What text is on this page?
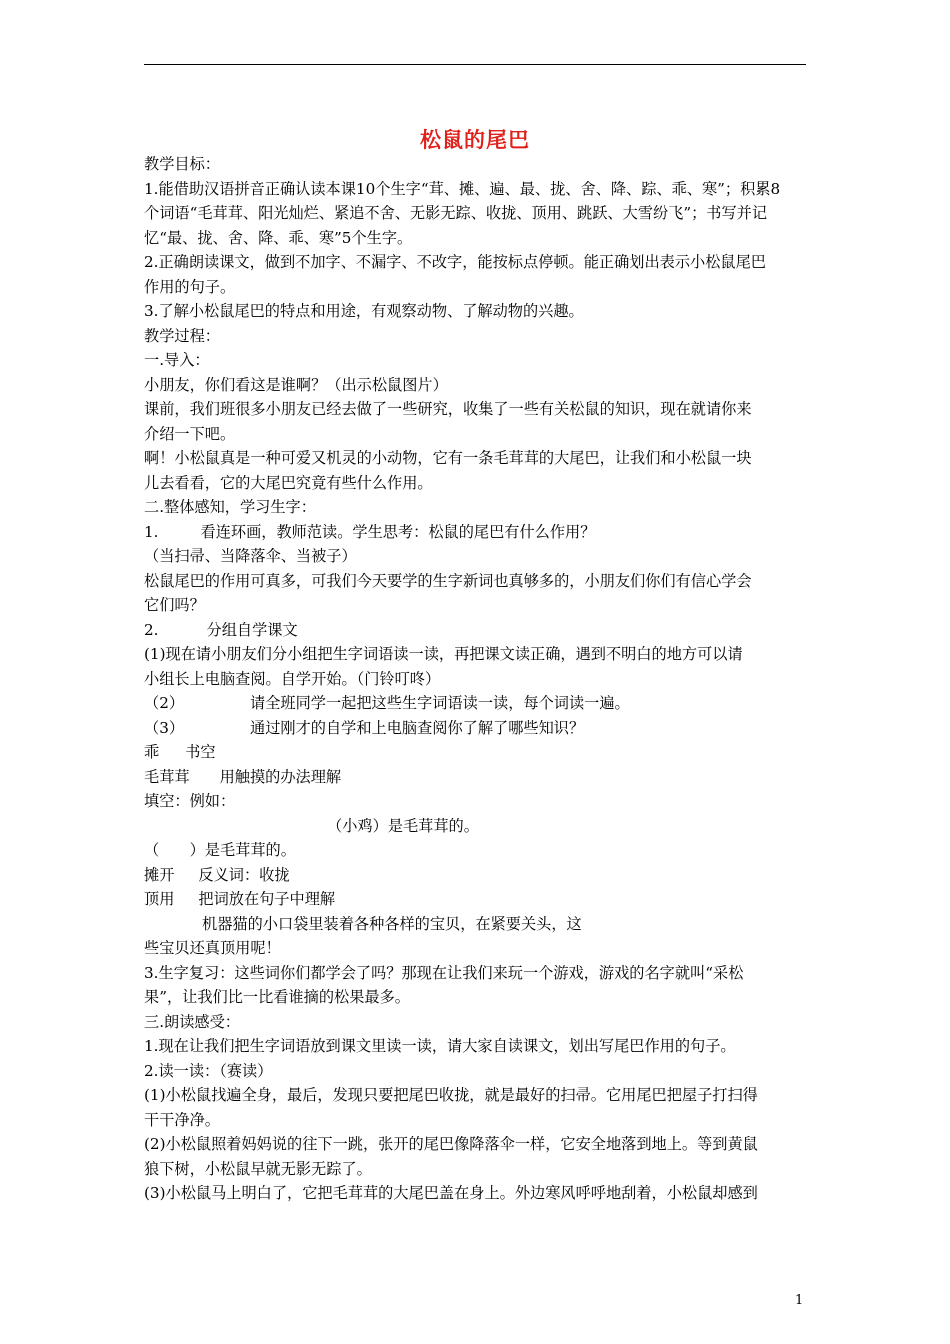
松鼠的尾巴
教学目标：
1.能借助汉语拼音正确认读本课10个生字“茸、摊、遍、最、拢、舍、降、踪、乖、寒”；积累8
个词语“毛茸茸、阳光灿烂、紧追不舍、无影无踪、收拢、顶用、跳跃、大雪纷飞”；书写并记
忆“最、拢、舍、降、乖、寒”5个生字。
2.正确朗读课文，做到不加字、不漏字、不改字，能按标点停顿。能正确划出表示小松鼠尾巴
作用的句子。
3.了解小松鼠尾巴的特点和用途，有观察动物、了解动物的兴趣。
教学过程：
一.导入：
小朋友，你们看这是谁啊？（出示松鼠图片）
课前，我们班很多小朋友已经去做了一些研究，收集了一些有关松鼠的知识，现在就请你来
介绍一下吧。
啊！小松鼠真是一种可爱又机灵的小动物，它有一条毛茸茸的大尾巴，让我们和小松鼠一块
儿去看看，它的大尾巴究竟有些什么作用。
二.整体感知，学习生字：
1.	看连环画，教师范读。学生思考：松鼠的尾巴有什么作用？
（当扫帚、当降落伞、当被子）
松鼠尾巴的作用可真多，可我们今天要学的生字新词也真够多的，小朋友们你们有信心学会
它们吗？
2.	分组自学课文
(1)现在请小朋友们分小组把生字词语读一读，再把课文读正确，遇到不明白的地方可以请
小组长上电脑查阅。自学开始。（门铃叮咚）
（2）	请全班同学一起把这些生字词语读一读，每个词读一遍。
（3）	通过刚才的自学和上电脑查阅你了解了哪些知识？
乖 书空
毛茸茸 用触摸的办法理解
填空：例如：
（小鸡）是毛茸茸的。
（　　）是毛茸茸的。
摊开 反义词：收拢
顶用 把词放在句子中理解
机器猫的小口袋里装着各种各样的宝贝，在紧要关头，这
些宝贝还真顶用呢！
3.生字复习：这些词你们都学会了吗？那现在让我们来玩一个游戏，游戏的名字就叫“采松
果”，让我们比一比看谁摘的松果最多。
三.朗读感受：
1.现在让我们把生字词语放到课文里读一读，请大家自读课文，划出写尾巴作用的句子。
2.读一读：（赛读）
(1)小松鼠找遍全身，最后，发现只要把尾巴收拢，就是最好的扫帚。它用尾巴把屋子打扫得
干干净净。
(2)小松鼠照着妈妈说的往下一跳，张开的尾巴像降落伞一样，它安全地落到地上。等到黄鼠
狼下树，小松鼠早就无影无踪了。
(3)小松鼠马上明白了，它把毛茸茸的大尾巴盖在身上。外边寒风呼呼地刮着，小松鼠却感到
1
